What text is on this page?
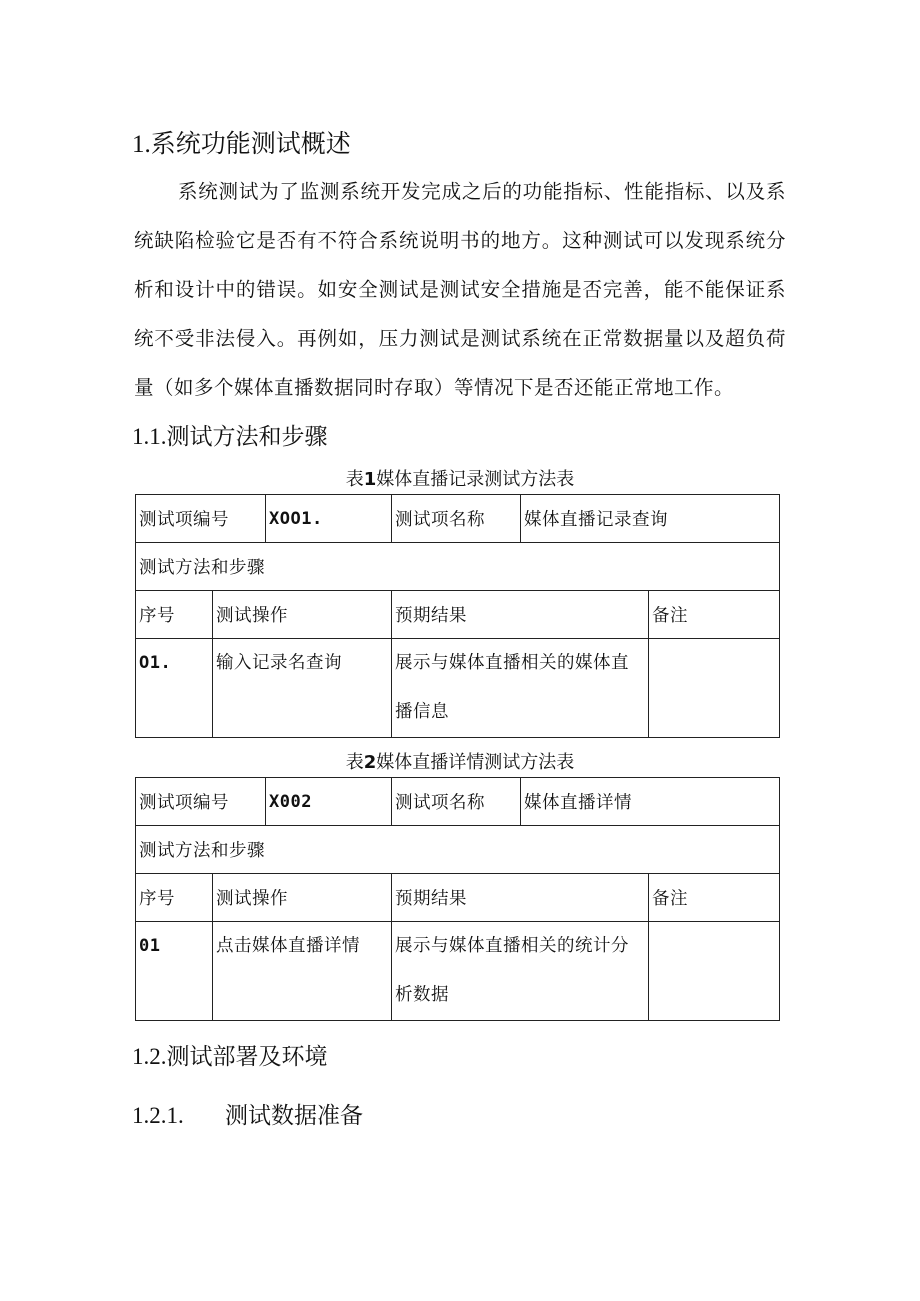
1.系统功能测试概述

系统测试为了监测系统开发完成之后的功能指标、性能指标、以及系统缺陷检验它是否有不符合系统说明书的地方。这种测试可以发现系统分析和设计中的错误。如安全测试是测试安全措施是否完善，能不能保证系统不受非法侵入。再例如，压力测试是测试系统在正常数据量以及超负荷量（如多个媒体直播数据同时存取）等情况下是否还能正常地工作。

1.1.测试方法和步骤
表1媒体直播记录测试方法表
测试项编号		XOO1.	测试项名称	媒体直播记录查询	
测试方法和步骤					
序号	测试操作		预期结果		备注
O1.	输入记录名查询		展示与媒体直播相关的媒体直播信息		
表2媒体直播详情测试方法表
测试项编号		X002	测试项名称	媒体直播详情	
测试方法和步骤					
序号	测试操作		预期结果		备注
01	点击媒体直播详情		展示与媒体直播相关的统计分析数据		
1.2.测试部署及环境
1.2.1. 测试数据准备
